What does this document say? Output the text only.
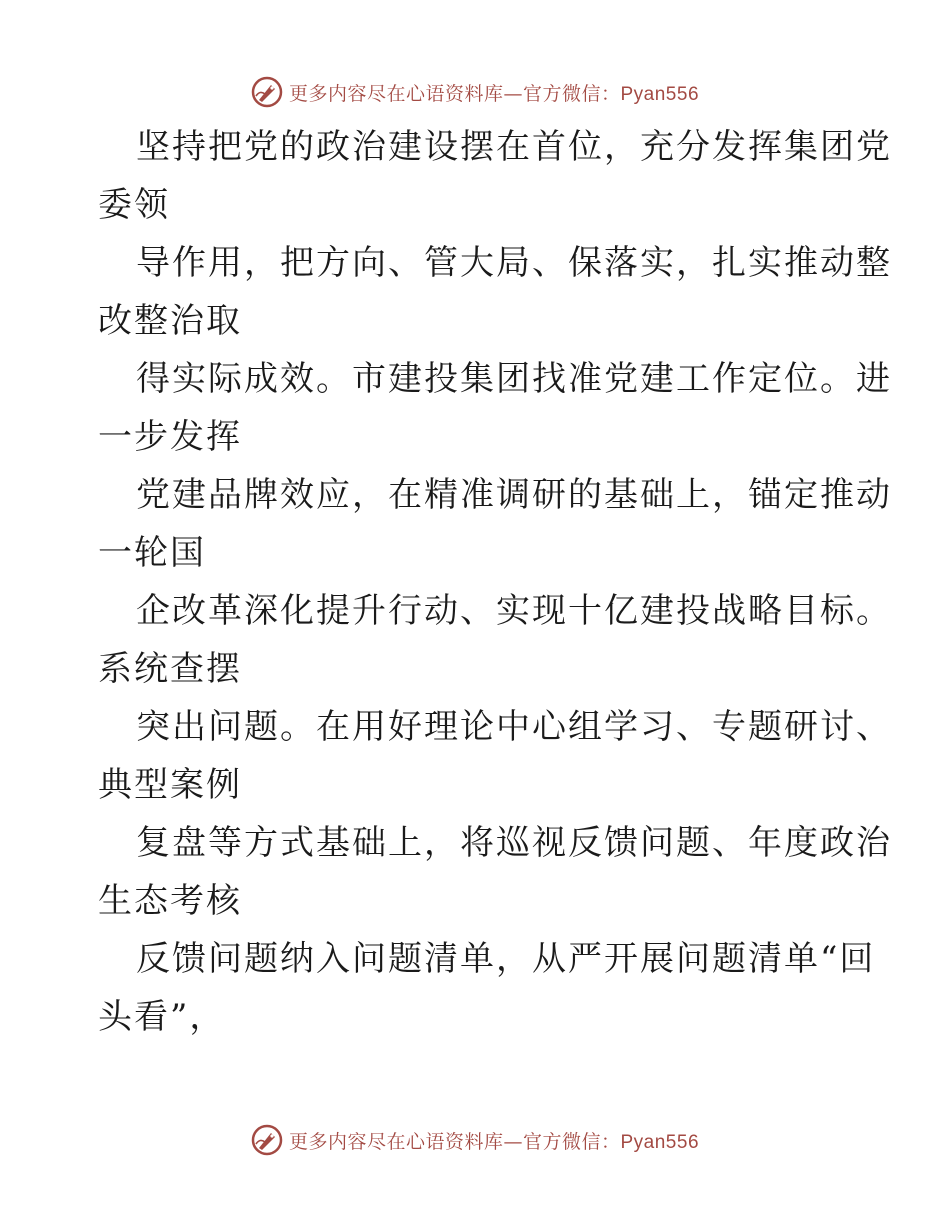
更多内容尽在心语资料库—官方微信：Pyan556
坚持把党的政治建设摆在首位，充分发挥集团党
委领
导作用，把方向、管大局、保落实，扎实推动整
改整治取
得实际成效。市建投集团找准党建工作定位。进
一步发挥
党建品牌效应，在精准调研的基础上，锚定推动
一轮国
企改革深化提升行动、实现十亿建投战略目标。
系统查摆
突出问题。在用好理论中心组学习、专题研讨、
典型案例
复盘等方式基础上，将巡视反馈问题、年度政治
生态考核
反馈问题纳入问题清单，从严开展问题清单“回
头看”，
更多内容尽在心语资料库—官方微信：Pyan556
